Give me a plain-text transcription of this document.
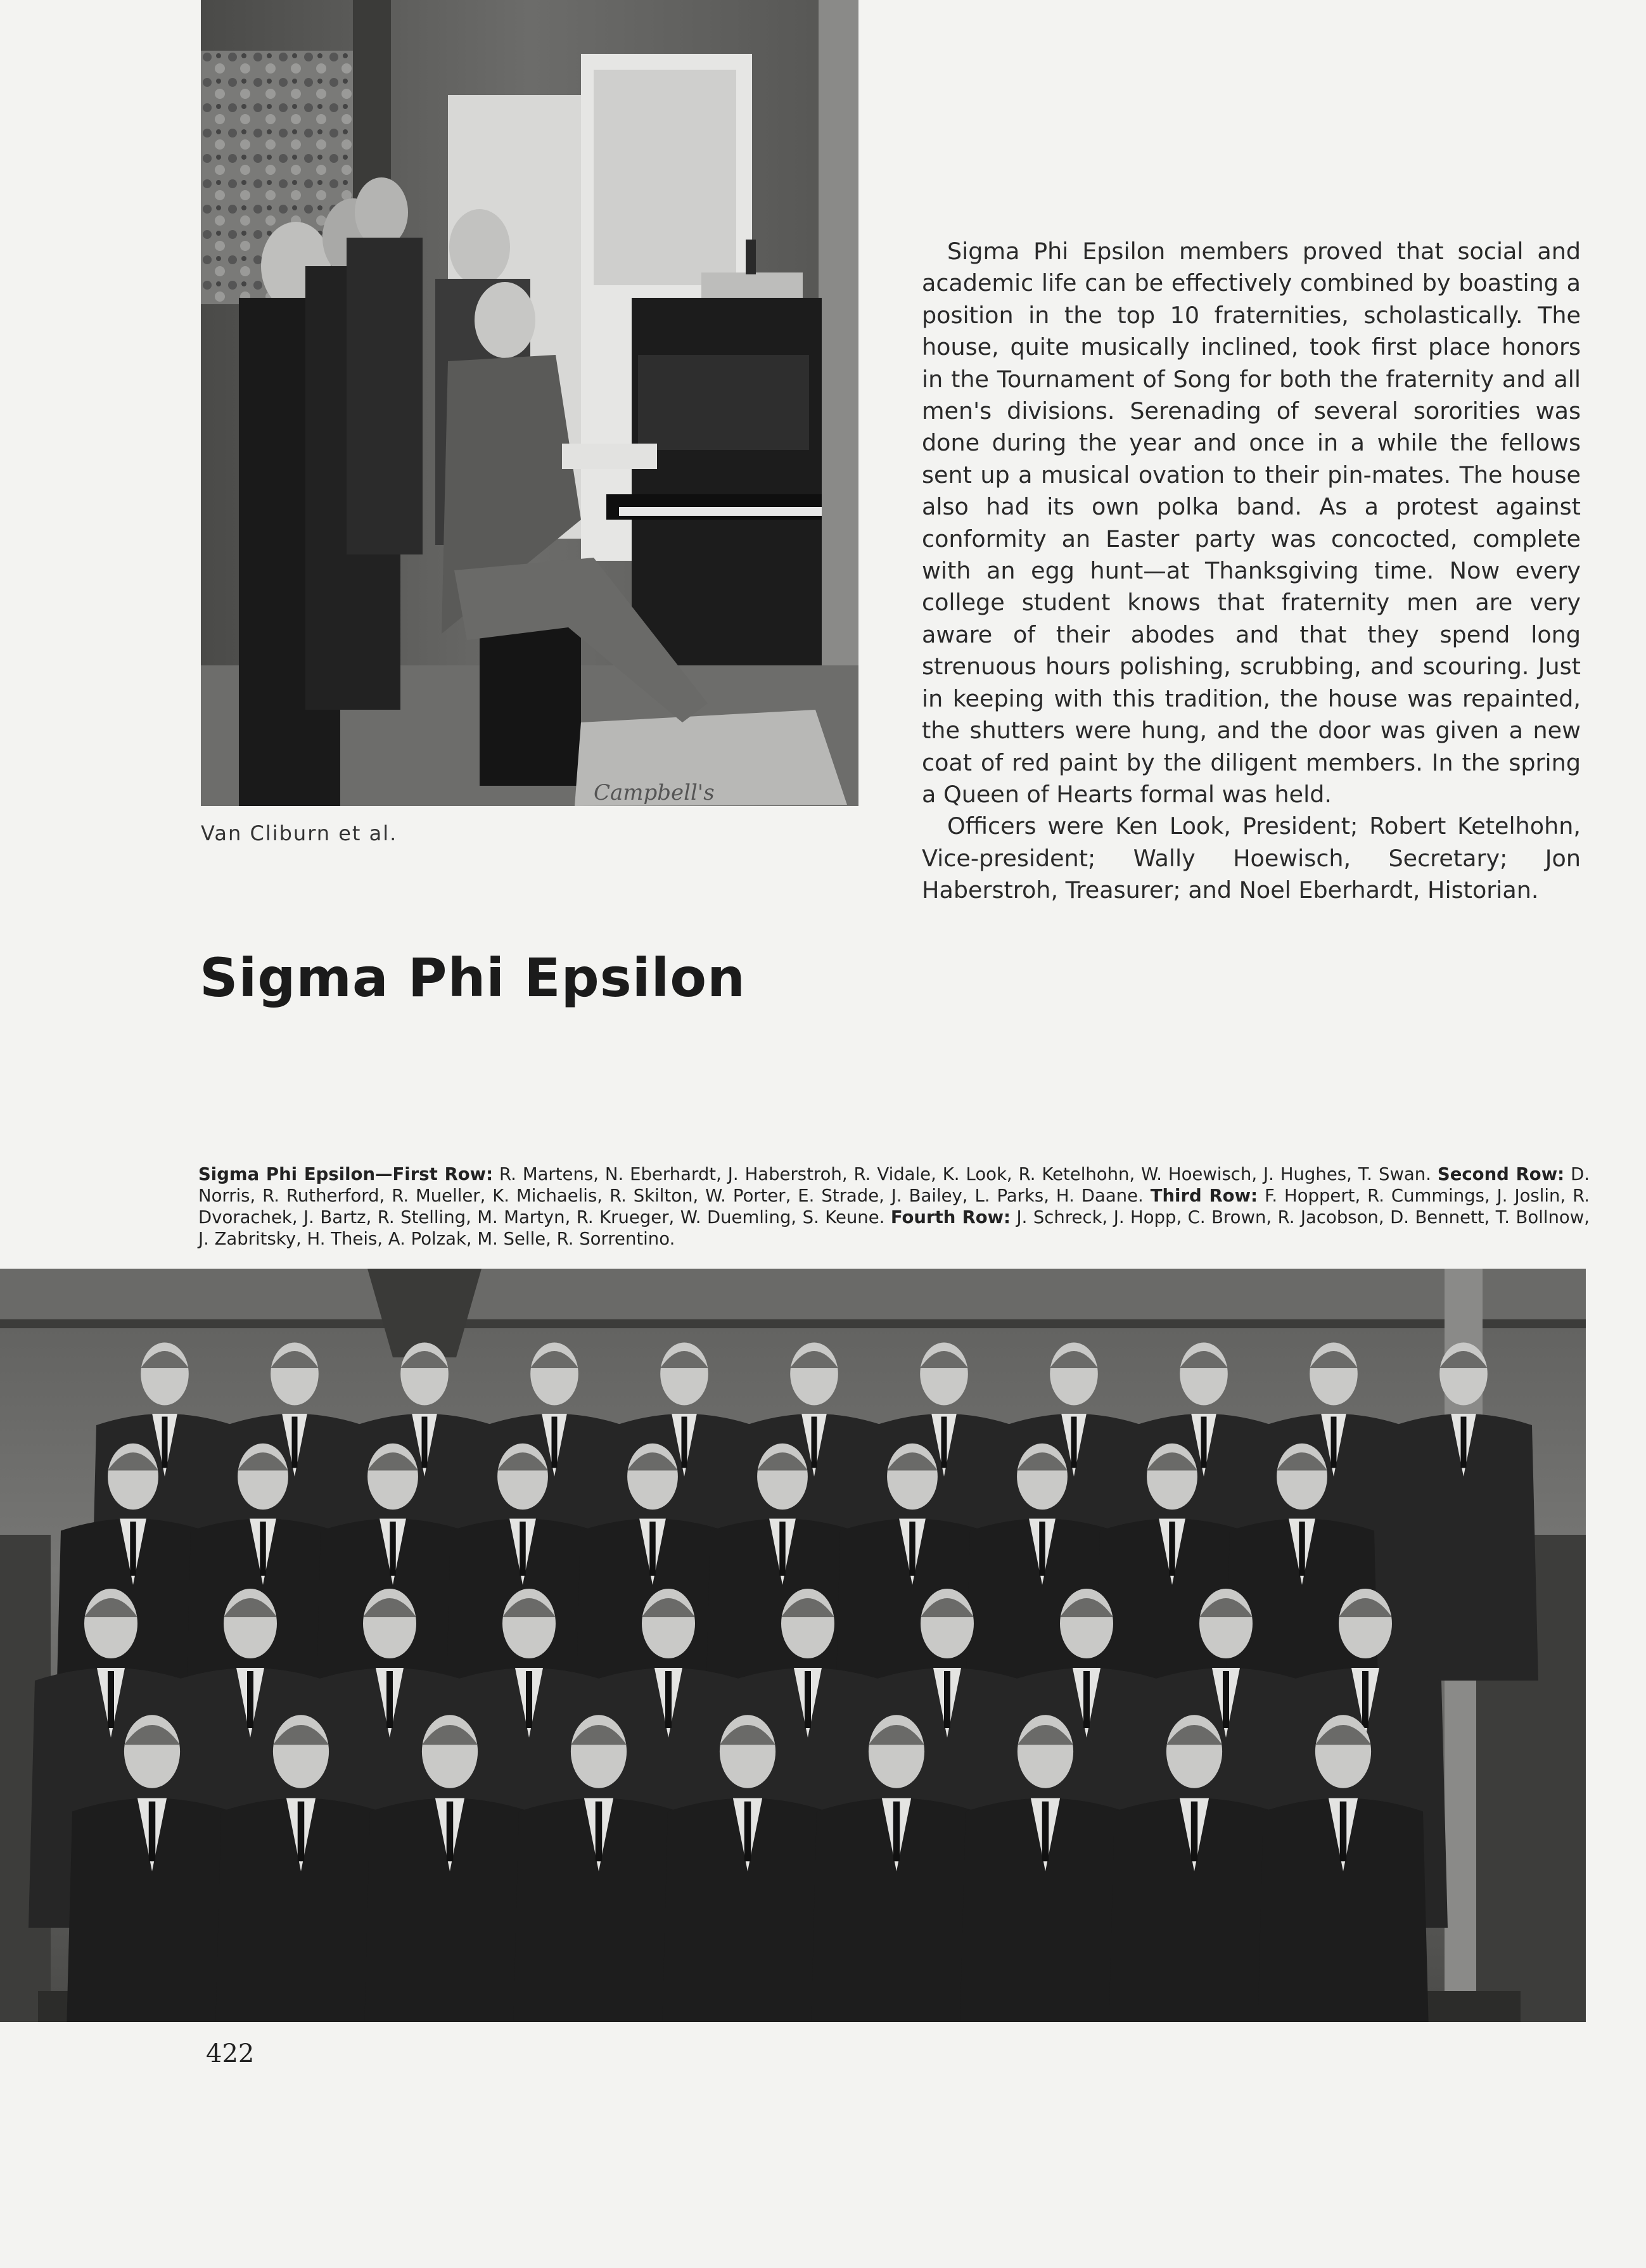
Campbell's
Van Cliburn et al.

Sigma Phi Epsilon members proved that social and academic life can be effectively combined by boasting a position in the top 10 fraternities, scholastically. The house, quite musically inclined, took first place honors in the Tournament of Song for both the fraternity and all men's divisions. Serenading of several sororities was done during the year and once in a while the fellows sent up a musical ovation to their pin-mates. The house also had its own polka band. As a protest against conformity an Easter party was concocted, complete with an egg hunt—at Thanksgiving time. Now every college student knows that fraternity men are very aware of their abodes and that they spend long strenuous hours polishing, scrubbing, and scouring. Just in keeping with this tradition, the house was repainted, the shutters were hung, and the door was given a new coat of red paint by the diligent members. In the spring a Queen of Hearts formal was held.

Officers were Ken Look, President; Robert Ketelhohn, Vice-president; Wally Hoewisch, Secretary; Jon Haberstroh, Treasurer; and Noel Eberhardt, Historian.

Sigma Phi Epsilon
Sigma Phi Epsilon—First Row: R. Martens, N. Eberhardt, J. Haberstroh, R. Vidale, K. Look, R. Ketelhohn, W. Hoewisch, J. Hughes, T. Swan. Second Row: D. Norris, R. Rutherford, R. Mueller, K. Michaelis, R. Skilton, W. Porter, E. Strade, J. Bailey, L. Parks, H. Daane. Third Row: F. Hoppert, R. Cummings, J. Joslin, R. Dvorachek, J. Bartz, R. Stelling, M. Martyn, R. Krueger, W. Duemling, S. Keune. Fourth Row: J. Schreck, J. Hopp, C. Brown, R. Jacobson, D. Bennett, T. Bollnow, J. Zabritsky, H. Theis, A. Polzak, M. Selle, R. Sorrentino.
422
